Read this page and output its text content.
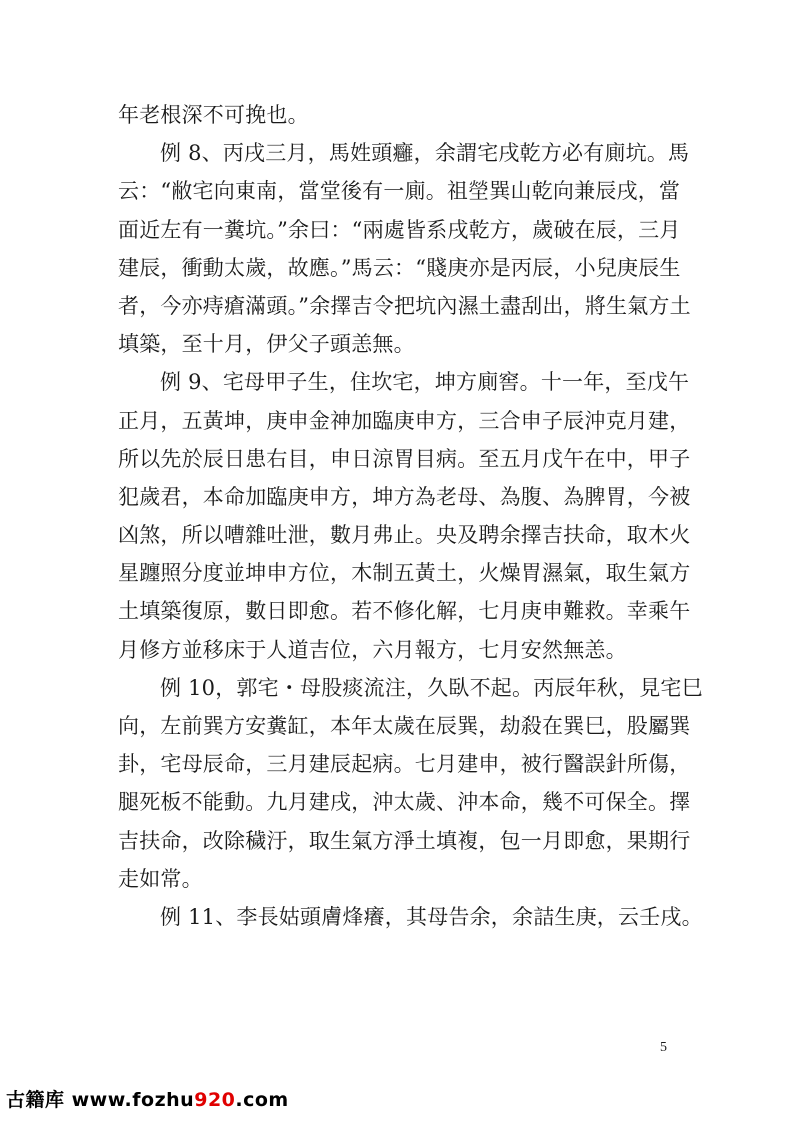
年老根深不可挽也。
例 8、丙戌三月，馬姓頭癰，余謂宅戌乾方必有廁坑。馬
云：“敝宅向東南，當堂後有一廁。祖塋巽山乾向兼辰戌，當
面近左有一糞坑。”余曰：“兩處皆系戌乾方，歲破在辰，三月
建辰，衝動太歲，故應。”馬云：“賤庚亦是丙辰，小兒庚辰生
者，今亦痔瘡滿頭。”余擇吉令把坑內濕土盡刮出，將生氣方土
填築，至十月，伊父子頭恙無。
例 9、宅母甲子生，住坎宅，坤方廁窖。十一年，至戊午
正月，五黃坤，庚申金神加臨庚申方，三合申子辰沖克月建，
所以先於辰日患右目，申日涼胃目病。至五月戊午在中，甲子
犯歲君，本命加臨庚申方，坤方為老母、為腹、為脾胃，今被
凶煞，所以嘈雜吐泄，數月弗止。央及聘余擇吉扶命，取木火
星躔照分度並坤申方位，木制五黃土，火燥胃濕氣，取生氣方
土填築復原，數日即愈。若不修化解，七月庚申難救。幸乘午
月修方並移床于人道吉位，六月報方，七月安然無恙。
例 10，郭宅・母股痰流注，久臥不起。丙辰年秋，見宅巳
向，左前巽方安糞缸，本年太歲在辰巽，劫殺在巽巳，股屬巽
卦，宅母辰命，三月建辰起病。七月建申，被行醫誤針所傷，
腿死板不能動。九月建戌，沖太歲、沖本命，幾不可保全。擇
吉扶命，改除穢汙，取生氣方淨土填複，包一月即愈，果期行
走如常。
例 11、李長姑頭膚烽癢，其母告余，余詰生庚，云壬戌。
5
古籍库 www.fozhu920.com
